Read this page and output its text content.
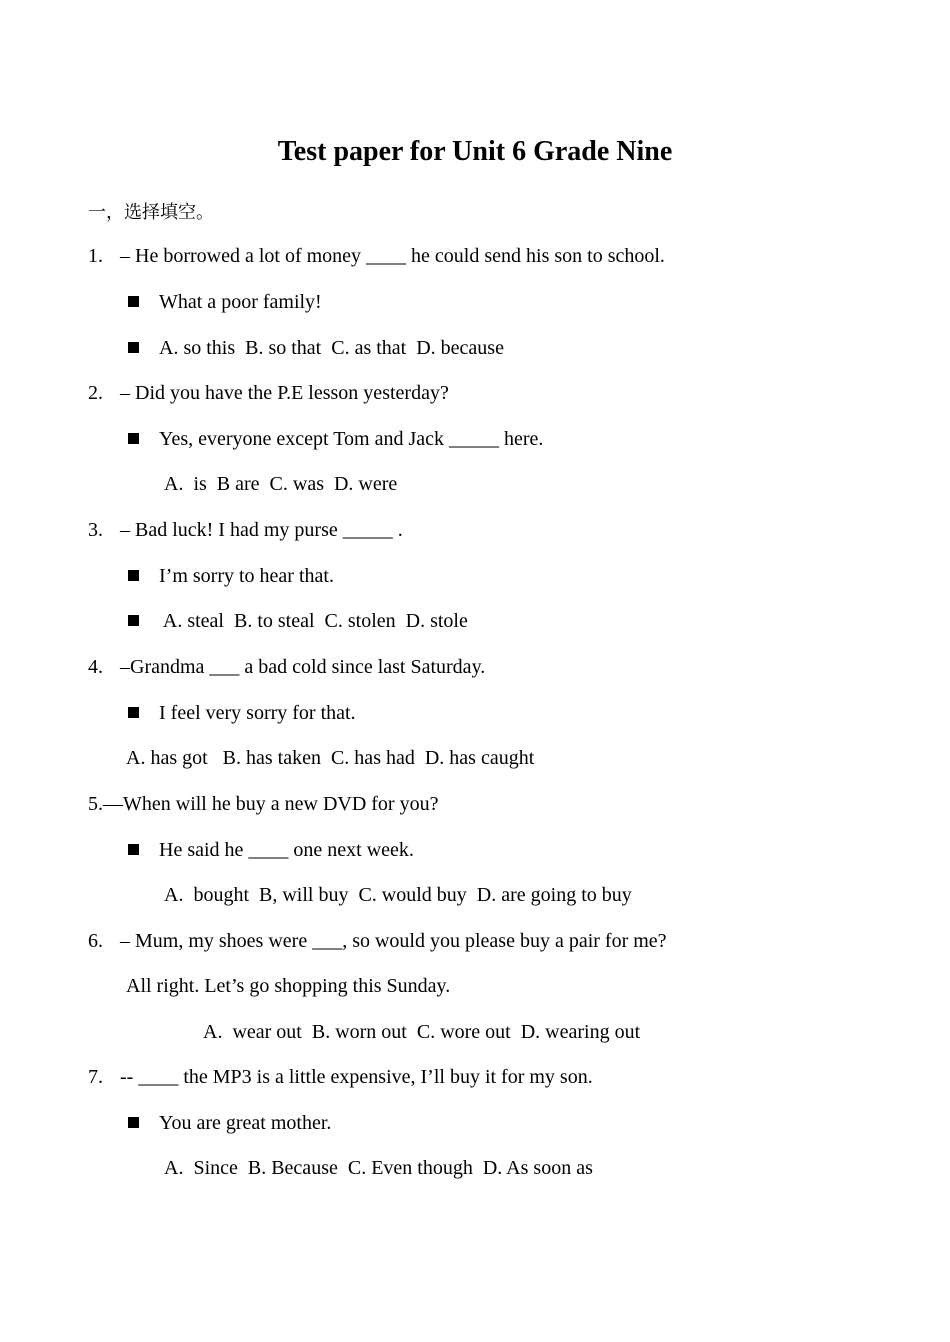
Test paper for Unit 6 Grade Nine
一，选择填空。
1. – He borrowed a lot of money ____ he could send his son to school.
What a poor family!
A. so this  B. so that  C. as that  D. because
2. – Did you have the P.E lesson yesterday?
Yes, everyone except Tom and Jack _____ here.
A.  is  B are  C. was  D. were
3. – Bad luck! I had my purse _____ .
I’m sorry to hear that.
A. steal  B. to steal  C. stolen  D. stole
4. –Grandma ___ a bad cold since last Saturday.
I feel very sorry for that.
A. has got   B. has taken  C. has had  D. has caught
5.—When will he buy a new DVD for you?
He said he ____ one next week.
A.  bought  B, will buy  C. would buy  D. are going to buy
6. – Mum, my shoes were ___, so would you please buy a pair for me?
All right. Let’s go shopping this Sunday.
A.  wear out  B. worn out  C. wore out  D. wearing out
7. -- ____ the MP3 is a little expensive, I’ll buy it for my son.
You are great mother.
A.  Since  B. Because  C. Even though  D. As soon as
